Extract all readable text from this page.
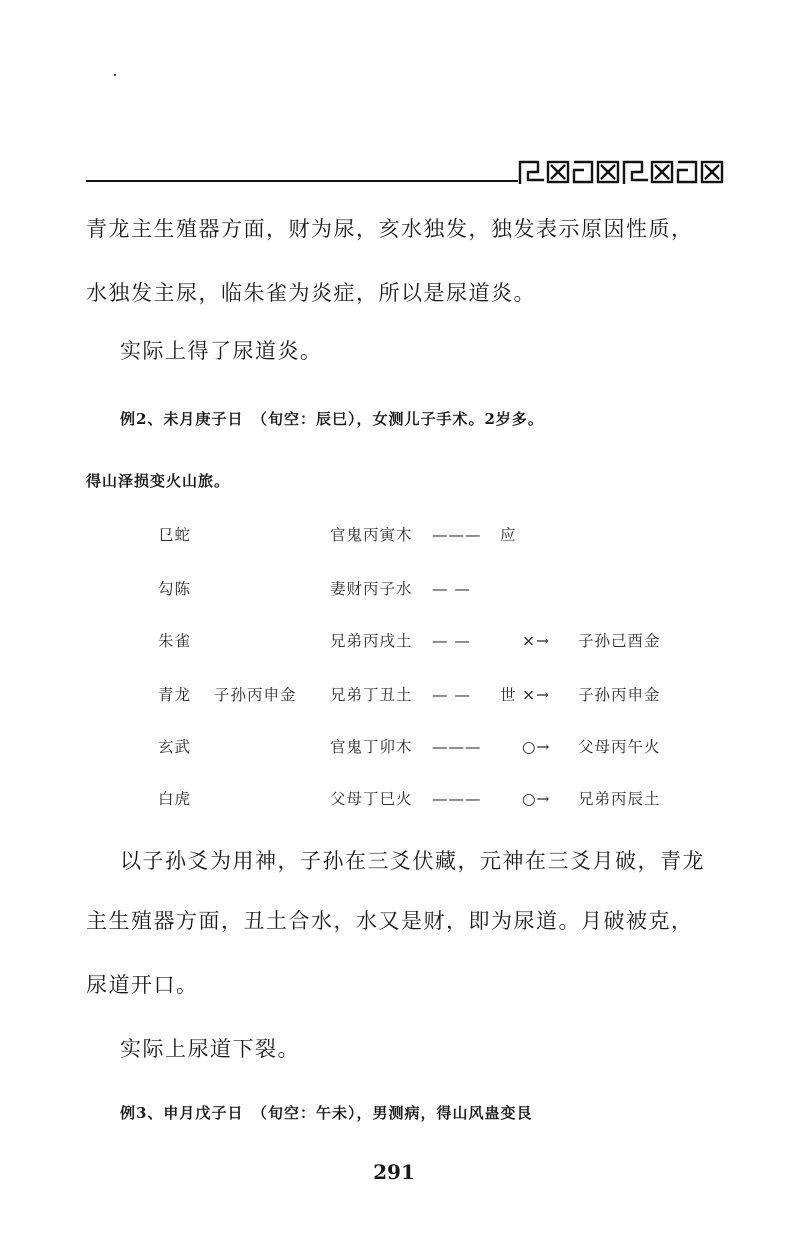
青龙主生殖器方面，财为尿，亥水独发，独发表示原因性质，
水独发主尿，临朱雀为炎症，所以是尿道炎。
实际上得了尿道炎。
例2、未月庚子日　（旬空：辰巳），女测儿子手术。2岁多。
得山泽损变火山旅。
㔾蛇	官鬼丙寅木 ——— 应
勾陈	妻财丙子水 — —
朱雀	兄弟丙戌土 — —	×→ 子孙己酉金
青龙 子孙丙申金 兄弟丁丑土 — — 世 ×→ 子孙丙申金
玄武	官鬼丁卯木 ———	○→ 父母丙午火
白虎	父母丁巳火 ———	○→ 兄弟丙辰土
以子孙爻为用神，子孙在三爻伏藏，元神在三爻月破，青龙
主生殖器方面，丑土合水，水又是财，即为尿道。月破被克，
尿道开口。
实际上尿道下裂。
例3、申月戊子日　（旬空：午未），男测病，得山风蛊变艮
291
